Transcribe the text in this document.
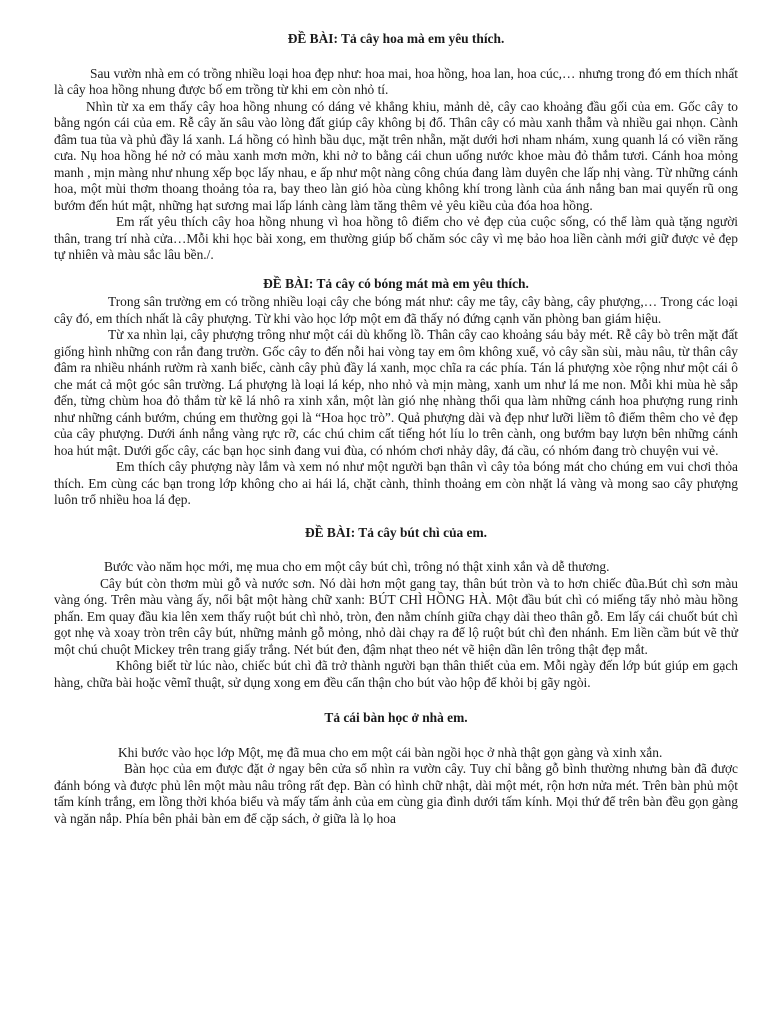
ĐỀ BÀI: Tả cây hoa mà em yêu thích.

Sau vườn nhà em có trồng nhiều loại hoa đẹp như: hoa mai, hoa hồng, hoa lan, hoa cúc,… nhưng trong đó em thích nhất là cây hoa hồng nhung được bố em trồng từ khi em còn nhỏ tí.

Nhìn từ xa em thấy cây hoa hồng nhung có dáng vẻ khẳng khiu, mảnh dẻ, cây cao khoảng đầu gối của em. Gốc cây to bằng ngón cái của em. Rễ cây ăn sâu vào lòng đất giúp cây không bị đổ. Thân cây có màu xanh thẫm và nhiều gai nhọn. Cành đâm tua tủa và phủ đầy lá xanh. Lá hồng có hình bầu dục, mặt trên nhẵn, mặt dưới hơi nham nhám, xung quanh lá có viền răng cưa. Nụ hoa hồng hé nở có màu xanh mơn mởn, khi nở to bằng cái chun uống nước khoe màu đỏ thắm tươi. Cánh hoa mỏng manh , mịn màng như nhung xếp bọc lấy nhau, e ấp như một nàng công chúa đang làm duyên che lấp nhị vàng. Từ những cánh hoa, một mùi thơm thoang thoảng tỏa ra, bay theo làn gió hòa cùng không khí trong lành của ánh nắng ban mai quyến rũ ong bướm đến hút mật, những hạt sương mai lấp lánh càng làm tăng thêm vẻ yêu kiều của đóa hoa hồng.

Em rất yêu thích cây hoa hồng nhung vì hoa hồng tô điểm cho vẻ đẹp của cuộc sống, có thể làm quà tặng người thân, trang trí nhà cửa…Mỗi khi học bài xong, em thường giúp bố chăm sóc cây vì mẹ bảo hoa liền cành mới giữ được vẻ đẹp tự nhiên và màu sắc lâu bền./.

ĐỀ BÀI: Tả cây có bóng mát mà em yêu thích.

Trong sân trường em có trồng nhiều loại cây che bóng mát như: cây me tây, cây bàng, cây phượng,… Trong các loại cây đó, em thích nhất là cây phượng. Từ khi vào học lớp một em đã thấy nó đứng cạnh văn phòng ban giám hiệu.

Từ xa nhìn lại, cây phượng trông như một cái dù khổng lồ. Thân cây cao khoảng sáu bảy mét. Rễ cây bò trên mặt đất giống hình những con rắn đang trườn. Gốc cây to đến nỗi hai vòng tay em ôm không xuể, vỏ cây sần sùi, màu nâu, từ thân cây đâm ra nhiều nhánh rườm rà xanh biếc, cành cây phủ đầy lá xanh, mọc chĩa ra các phía. Tán lá phượng xòe rộng như một cái ô che mát cả một góc sân trường. Lá phượng là loại lá kép, nho nhỏ và mịn màng, xanh um như lá me non. Mỗi khi mùa hè sắp đến, từng chùm hoa đỏ thắm từ kẽ lá nhô ra xinh xắn, một làn gió nhẹ nhàng thổi qua làm những cánh hoa phượng rung rinh như những cánh bướm, chúng em thường gọi là “Hoa học trò”. Quả phượng dài và đẹp như lưỡi liềm tô điểm thêm cho vẻ đẹp của cây phượng. Dưới ánh nắng vàng rực rỡ, các chú chim cất tiếng hót líu lo trên cành, ong bướm bay lượn bên những cánh hoa hút mật. Dưới gốc cây, các bạn học sinh đang vui đùa, có nhóm chơi nhảy dây, đá cầu, có nhóm đang trò chuyện vui vẻ.

Em thích cây phượng này lắm và xem nó như một người bạn thân vì cây tỏa bóng mát cho chúng em vui chơi thỏa thích. Em cùng các bạn trong lớp không cho ai hái lá, chặt cành, thỉnh thoảng em còn nhặt lá vàng và mong sao cây phượng luôn trổ nhiều hoa lá đẹp.

ĐỀ BÀI: Tả cây bút chì của em.

Bước vào năm học mới, mẹ mua cho em một cây bút chì, trông nó thật xinh xắn và dễ thương.

Cây bút còn thơm mùi gỗ và nước sơn. Nó dài hơn một gang tay, thân bút tròn và to hơn chiếc đũa.Bút chì sơn màu vàng óng. Trên màu vàng ấy, nổi bật một hàng chữ xanh: BÚT CHÌ HỒNG HÀ. Một đầu bút chì có miếng tẩy nhỏ màu hồng phấn. Em quay đầu kia lên xem thấy ruột bút chì nhỏ, tròn, đen nằm chính giữa chạy dài theo thân gỗ. Em lấy cái chuốt bút chì gọt nhẹ và xoay tròn trên cây bút, những mảnh gỗ mỏng, nhỏ dài chạy ra để lộ ruột bút chì đen nhánh. Em liền cầm bút vẽ thử một chú chuột Mickey trên trang giấy trắng. Nét bút đen, đậm nhạt theo nét vẽ hiện dần lên trông thật đẹp mắt.

Không biết từ lúc nào, chiếc bút chì đã trở thành người bạn thân thiết của em. Mỗi ngày đến lớp bút giúp em gạch hàng, chữa bài hoặc vẽmĩ thuật, sử dụng xong em đều cẩn thận cho bút vào hộp để khỏi bị gãy ngòi.

Tả cái bàn học ở nhà em.

Khi bước vào học lớp Một, mẹ đã mua cho em một cái bàn ngồi học ở nhà thật gọn gàng và xinh xắn.

Bàn học của em được đặt ở ngay bên cửa sổ nhìn ra vườn cây. Tuy chỉ bằng gỗ bình thường nhưng bàn đã được đánh bóng và được phủ lên một màu nâu trông rất đẹp. Bàn có hình chữ nhật, dài một mét, rộn hơn nửa mét. Trên bàn phủ một tấm kính trắng, em lồng thời khóa biểu và mấy tấm ảnh của em cùng gia đình dưới tấm kính. Mọi thứ để trên bàn đều gọn gàng và ngăn nắp. Phía bên phải bàn em để cặp sách, ở giữa là lọ hoa
